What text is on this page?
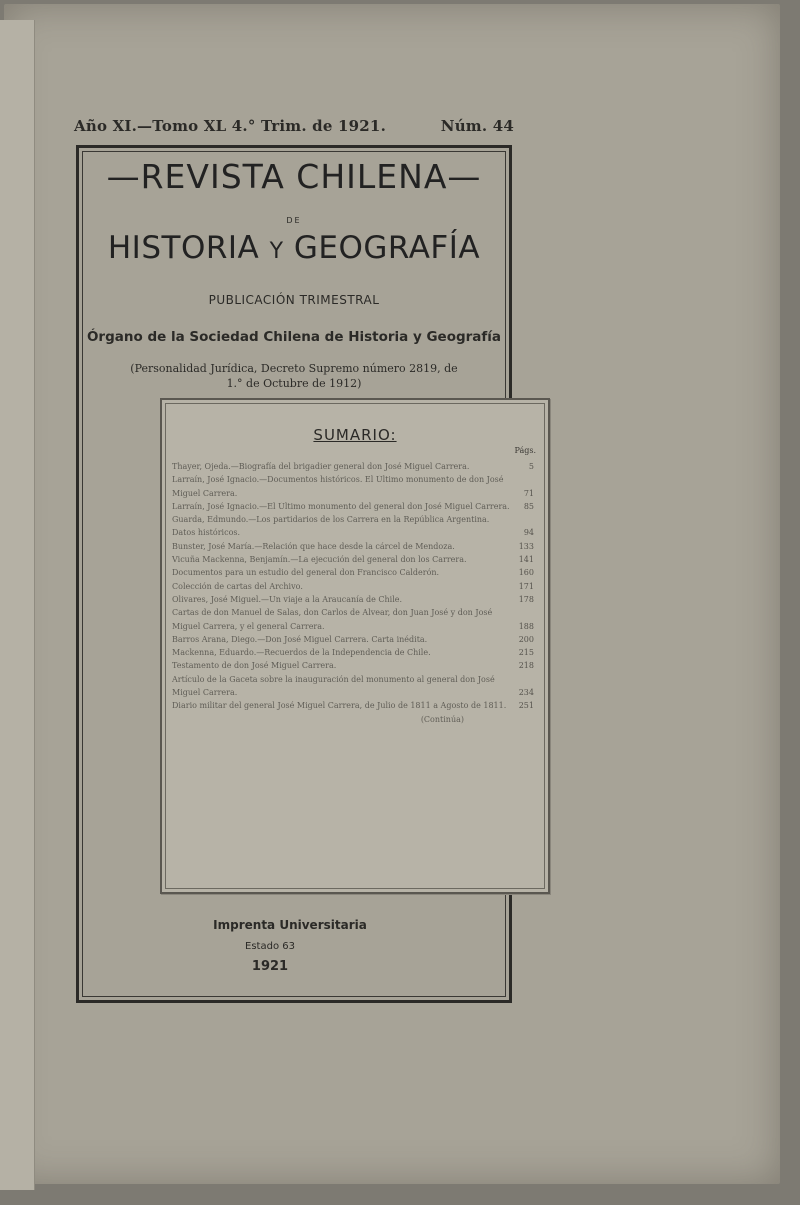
Año XI.—Tomo XL 4.° Trim. de 1921.	Núm. 44
—REVISTA CHILENA—
DE
HISTORIA Y GEOGRAFÍA
PUBLICACIÓN TRIMESTRAL
Órgano de la Sociedad Chilena de Historia y Geografía
(Personalidad Jurídica, Decreto Supremo número 2819, de
1.° de Octubre de 1912)
SUMARIO:
Págs.
Thayer, Ojeda.—Biografía del brigadier general don José Miguel Carrera.	5
Larraín, José Ignacio.—Documentos históricos. El Último monumento de don José Miguel Carrera.	71
Larraín, José Ignacio.—El Último monumento del general don José Miguel Carrera. 85
Guarda, Edmundo.—Los partidarios de los Carrera en la República Argentina. Datos históricos.	94
Bunster, José María.—Relación que hace desde la cárcel de Mendoza.	133
Vicuña Mackenna, Benjamín.—La ejecución del general don los Carrera.	141
Documentos para un estudio del general don Francisco Calderón.	160
Colección de cartas del Archivo.	171
Olivares, José Miguel.—Un viaje a la Araucanía de Chile.	178
Cartas de don Manuel de Salas, don Carlos de Alvear, don Juan José y don José Miguel Carrera, y el general Carrera.	188
Barros Arana, Diego.—Don José Miguel Carrera. Carta inédita.	200
Mackenna, Eduardo.—Recuerdos de la Independencia de Chile.	215
Testamento de don José Miguel Carrera.	218
Artículo de la Gaceta sobre la inauguración del monumento al general don José Miguel Carrera.	234
Diario militar del general José Miguel Carrera, de Julio de 1811 a Agosto de 1811. 251
(Continúa)
Imprenta Universitaria
Estado 63
1921
